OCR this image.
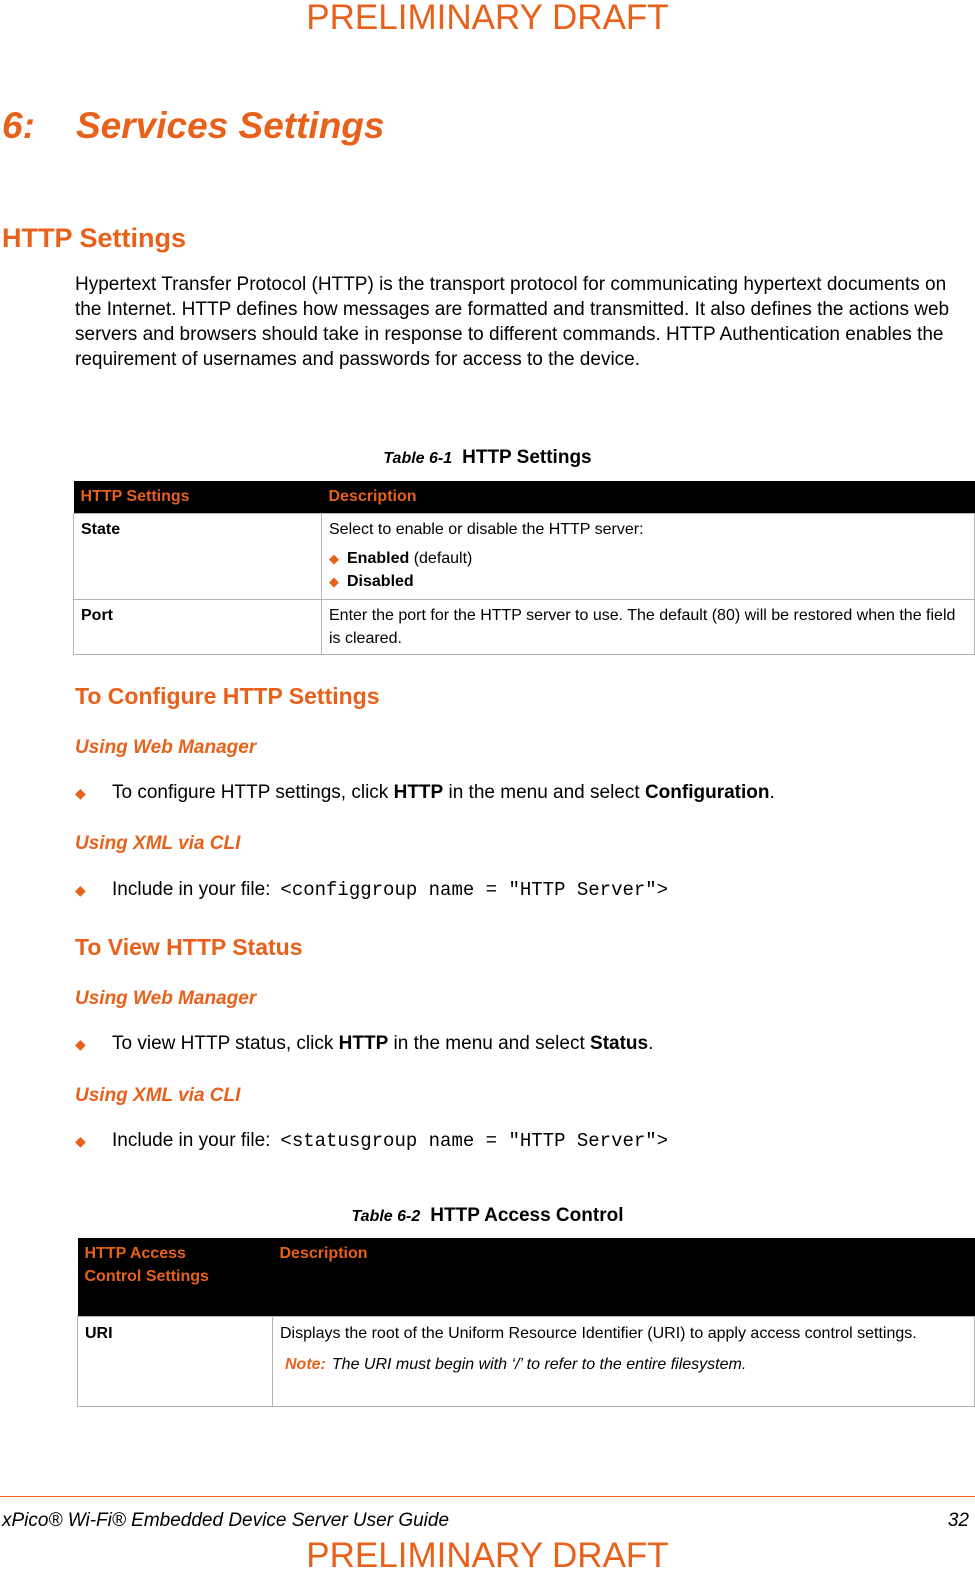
PRELIMINARY DRAFT
6: Services Settings
HTTP Settings
Hypertext Transfer Protocol (HTTP) is the transport protocol for communicating hypertext documents on the Internet. HTTP defines how messages are formatted and transmitted. It also defines the actions web servers and browsers should take in response to different commands. HTTP Authentication enables the requirement of usernames and passwords for access to the device.
Table 6-1 HTTP Settings
HTTP Settings	Description
State	Select to enable or disable the HTTP server:
◆ Enabled (default)
◆ Disabled

Port	Enter the port for the HTTP server to use. The default (80) will be restored when the field is cleared.
To Configure HTTP Settings
Using Web Manager
◆ To configure HTTP settings, click HTTP in the menu and select Configuration.
Using XML via CLI
◆ Include in your file: <configgroup name = "HTTP Server">
To View HTTP Status
Using Web Manager
◆ To view HTTP status, click HTTP in the menu and select Status.
Using XML via CLI
◆ Include in your file: <statusgroup name = "HTTP Server">
Table 6-2 HTTP Access Control
HTTP Access
Control Settings	Description
URI	Displays the root of the Uniform Resource Identifier (URI) to apply access control settings.
Note: The URI must begin with ‘/’ to refer to the entire filesystem.
xPico® Wi-Fi® Embedded Device Server User Guide	32
PRELIMINARY DRAFT
